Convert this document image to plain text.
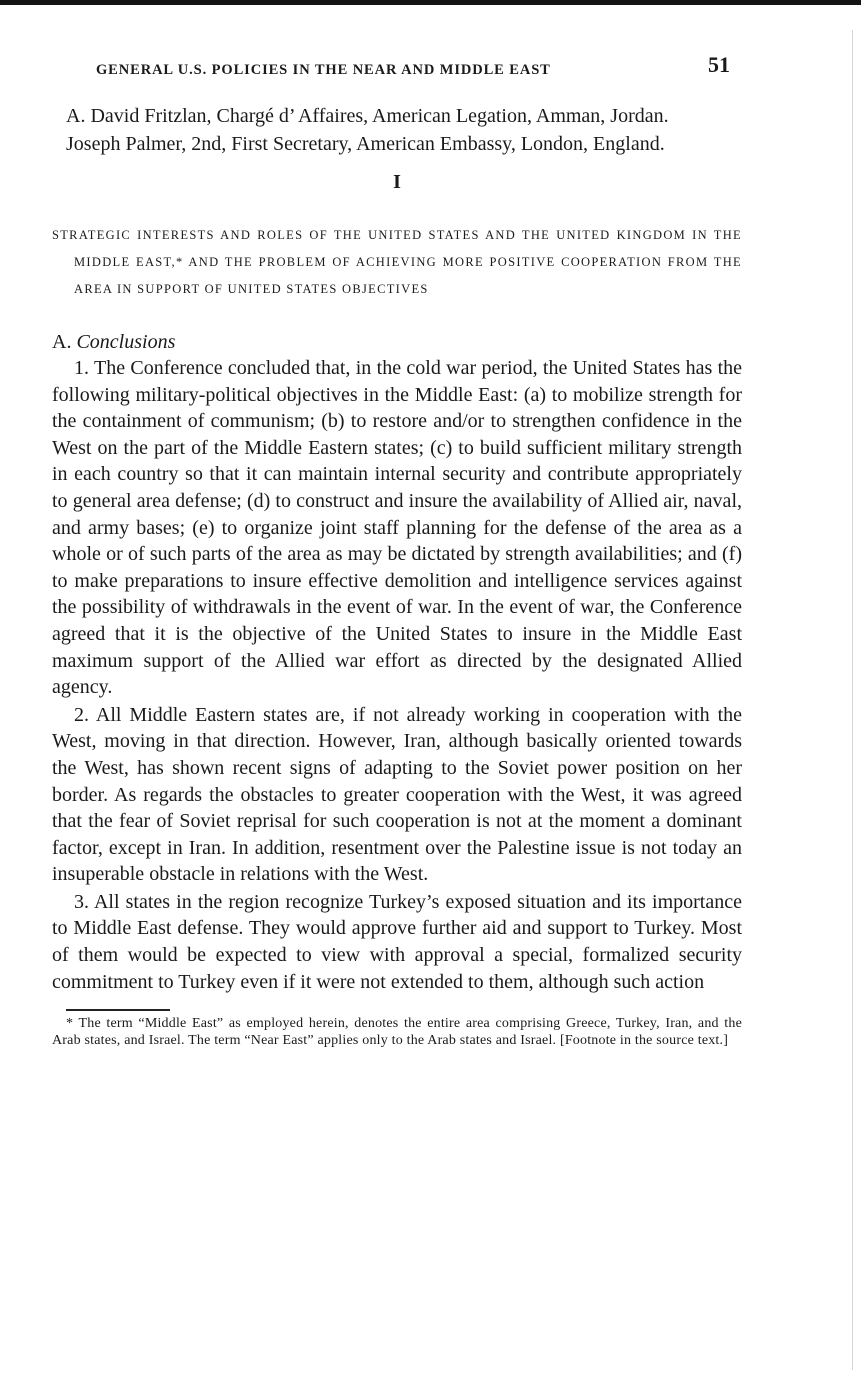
GENERAL U.S. POLICIES IN THE NEAR AND MIDDLE EAST	51
A. David Fritzlan, Chargé d’ Affaires, American Legation, Amman, Jordan.
Joseph Palmer, 2nd, First Secretary, American Embassy, London, England.
I
STRATEGIC INTERESTS AND ROLES OF THE UNITED STATES AND THE UNITED KINGDOM IN THE MIDDLE EAST,* AND THE PROBLEM OF ACHIEVING MORE POSITIVE COOPERATION FROM THE AREA IN SUPPORT OF UNITED STATES OBJECTIVES
A. Conclusions

1. The Conference concluded that, in the cold war period, the United States has the following military-political objectives in the Middle East: (a) to mobilize strength for the containment of communism; (b) to restore and/or to strengthen confidence in the West on the part of the Middle Eastern states; (c) to build sufficient military strength in each country so that it can maintain internal security and contribute appropriately to general area defense; (d) to construct and insure the availability of Allied air, naval, and army bases; (e) to organize joint staff planning for the defense of the area as a whole or of such parts of the area as may be dictated by strength availabilities; and (f) to make preparations to insure effective demolition and intelligence services against the possibility of withdrawals in the event of war. In the event of war, the Conference agreed that it is the objective of the United States to insure in the Middle East maximum support of the Allied war effort as directed by the designated Allied agency.

2. All Middle Eastern states are, if not already working in cooperation with the West, moving in that direction. However, Iran, although basically oriented towards the West, has shown recent signs of adapting to the Soviet power position on her border. As regards the obstacles to greater cooperation with the West, it was agreed that the fear of Soviet reprisal for such cooperation is not at the moment a dominant factor, except in Iran. In addition, resentment over the Palestine issue is not today an insuperable obstacle in relations with the West.

3. All states in the region recognize Turkey’s exposed situation and its importance to Middle East defense. They would approve further aid and support to Turkey. Most of them would be expected to view with approval a special, formalized security commitment to Turkey even if it were not extended to them, although such action

* The term “Middle East” as employed herein, denotes the entire area comprising Greece, Turkey, Iran, and the Arab states, and Israel. The term “Near East” applies only to the Arab states and Israel. [Footnote in the source text.]
